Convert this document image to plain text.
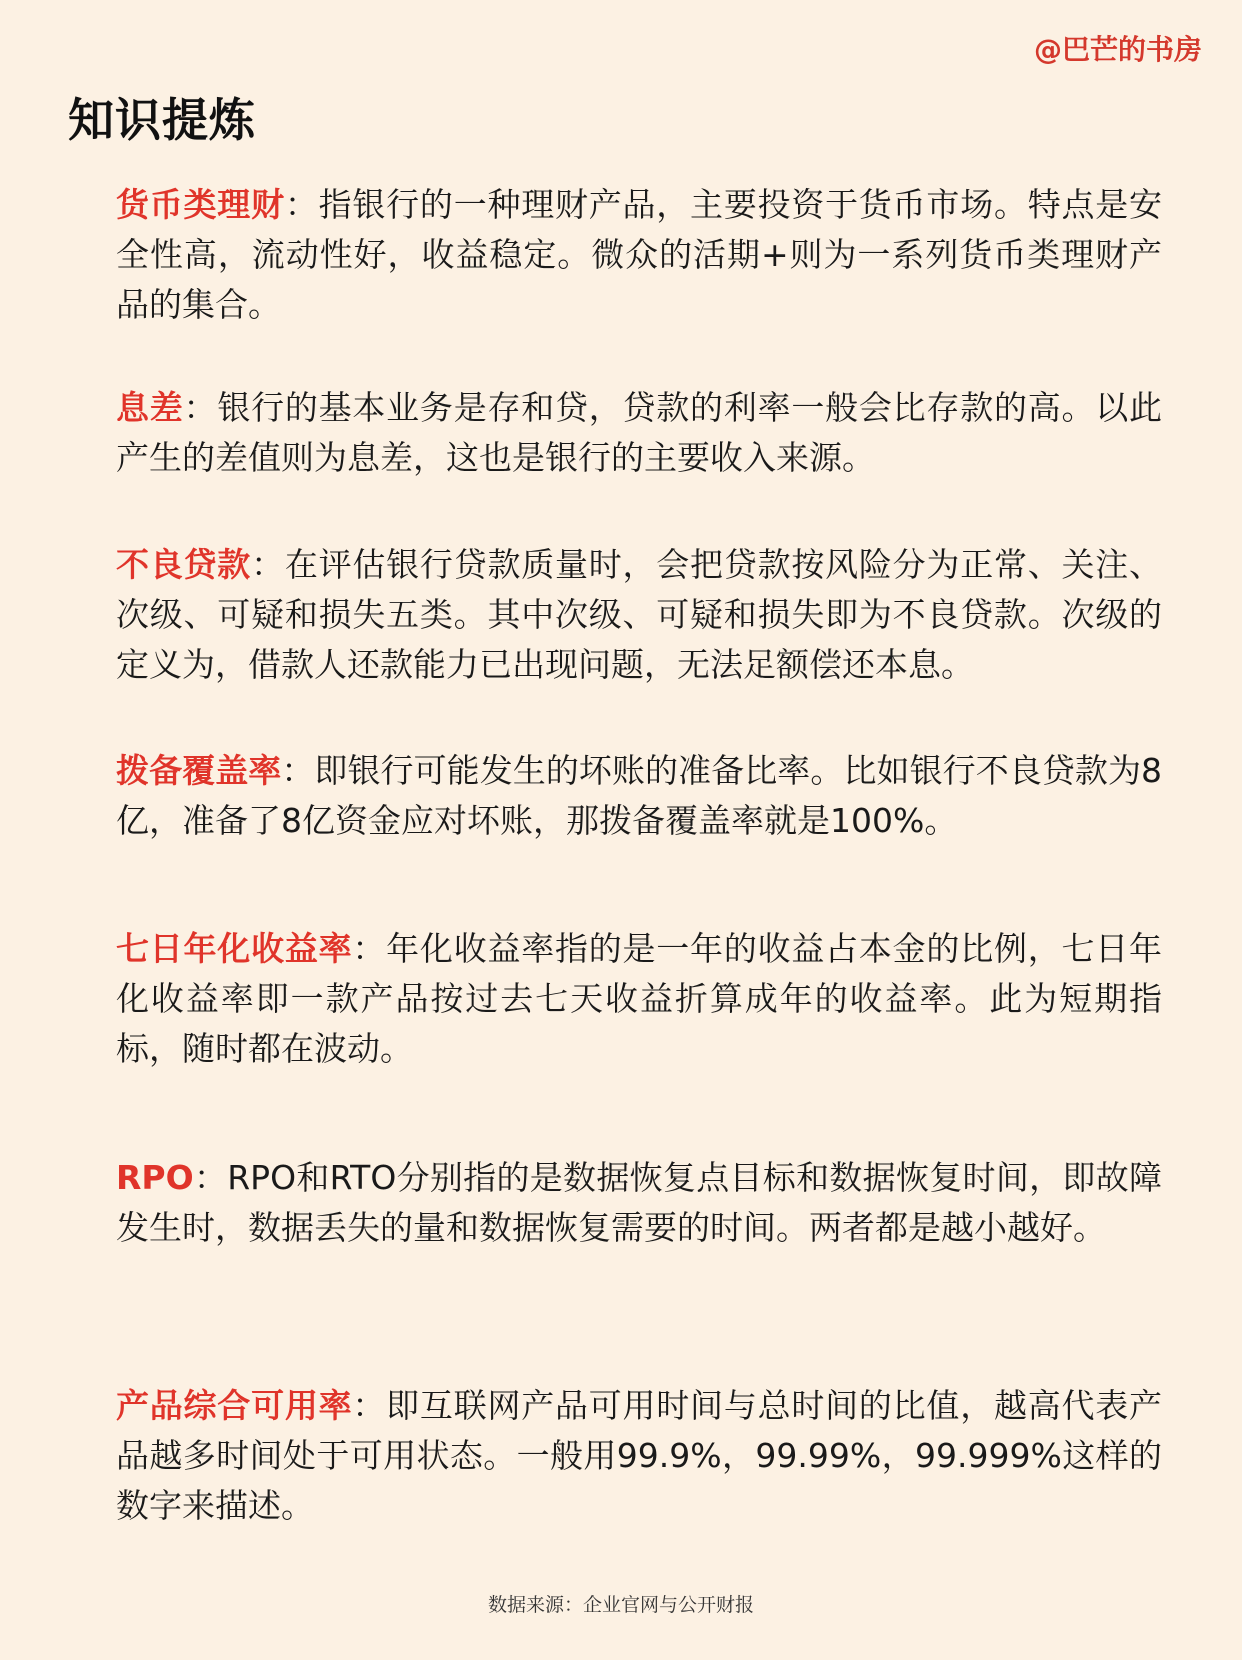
@巴芒的书房
知识提炼
货币类理财：指银行的一种理财产品，主要投资于货币市场。特点是安全性高，流动性好，收益稳定。微众的活期+则为一系列货币类理财产品的集合。
息差：银行的基本业务是存和贷，贷款的利率一般会比存款的高。以此产生的差值则为息差，这也是银行的主要收入来源。
不良贷款：在评估银行贷款质量时，会把贷款按风险分为正常、关注、次级、可疑和损失五类。其中次级、可疑和损失即为不良贷款。次级的定义为，借款人还款能力已出现问题，无法足额偿还本息。
拨备覆盖率：即银行可能发生的坏账的准备比率。比如银行不良贷款为8亿，准备了8亿资金应对坏账，那拨备覆盖率就是100%。
七日年化收益率：年化收益率指的是一年的收益占本金的比例，七日年化收益率即一款产品按过去七天收益折算成年的收益率。此为短期指标，随时都在波动。
RPO：RPO和RTO分别指的是数据恢复点目标和数据恢复时间，即故障发生时，数据丢失的量和数据恢复需要的时间。两者都是越小越好。
产品综合可用率：即互联网产品可用时间与总时间的比值，越高代表产品越多时间处于可用状态。一般用99.9%，99.99%，99.999%这样的数字来描述。
数据来源：企业官网与公开财报
